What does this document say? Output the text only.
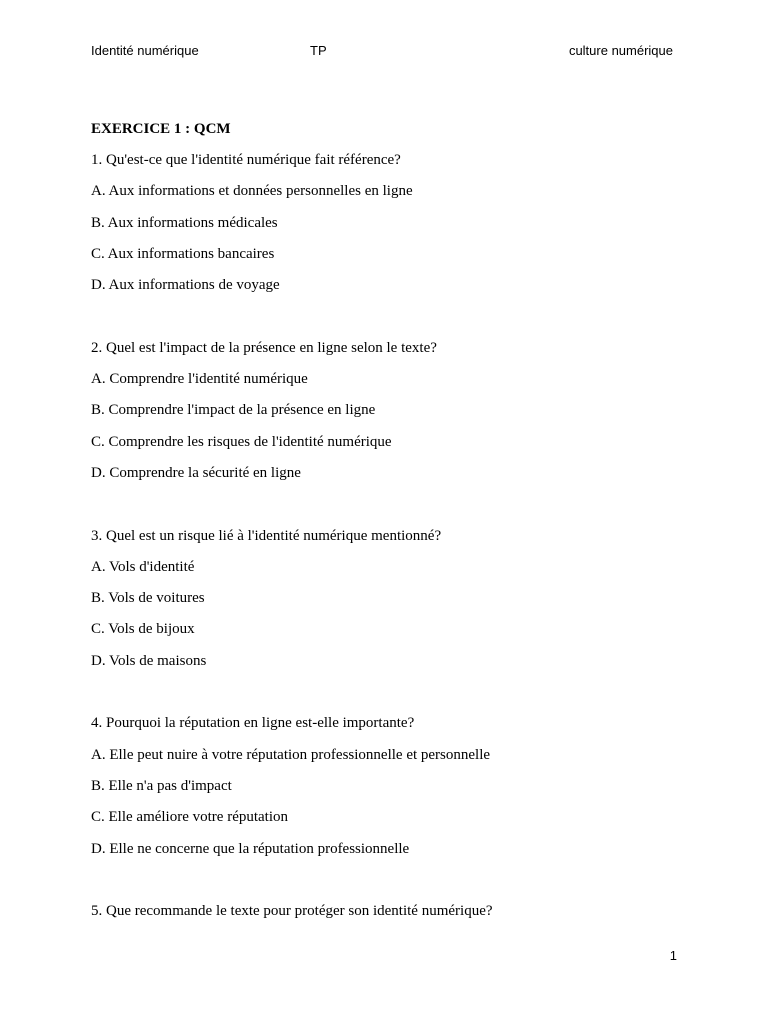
Identité numérique	TP	culture numérique
EXERCICE 1 : QCM
1. Qu'est-ce que l'identité numérique fait référence?
A. Aux informations et données personnelles en ligne
B. Aux informations médicales
C. Aux informations bancaires
D. Aux informations de voyage
2. Quel est l'impact de la présence en ligne selon le texte?
A. Comprendre l'identité numérique
B. Comprendre l'impact de la présence en ligne
C. Comprendre les risques de l'identité numérique
D. Comprendre la sécurité en ligne
3. Quel est un risque lié à l'identité numérique mentionné?
A. Vols d'identité
B. Vols de voitures
C. Vols de bijoux
D. Vols de maisons
4. Pourquoi la réputation en ligne est-elle importante?
A. Elle peut nuire à votre réputation professionnelle et personnelle
B. Elle n'a pas d'impact
C. Elle améliore votre réputation
D. Elle ne concerne que la réputation professionnelle
5. Que recommande le texte pour protéger son identité numérique?
1
